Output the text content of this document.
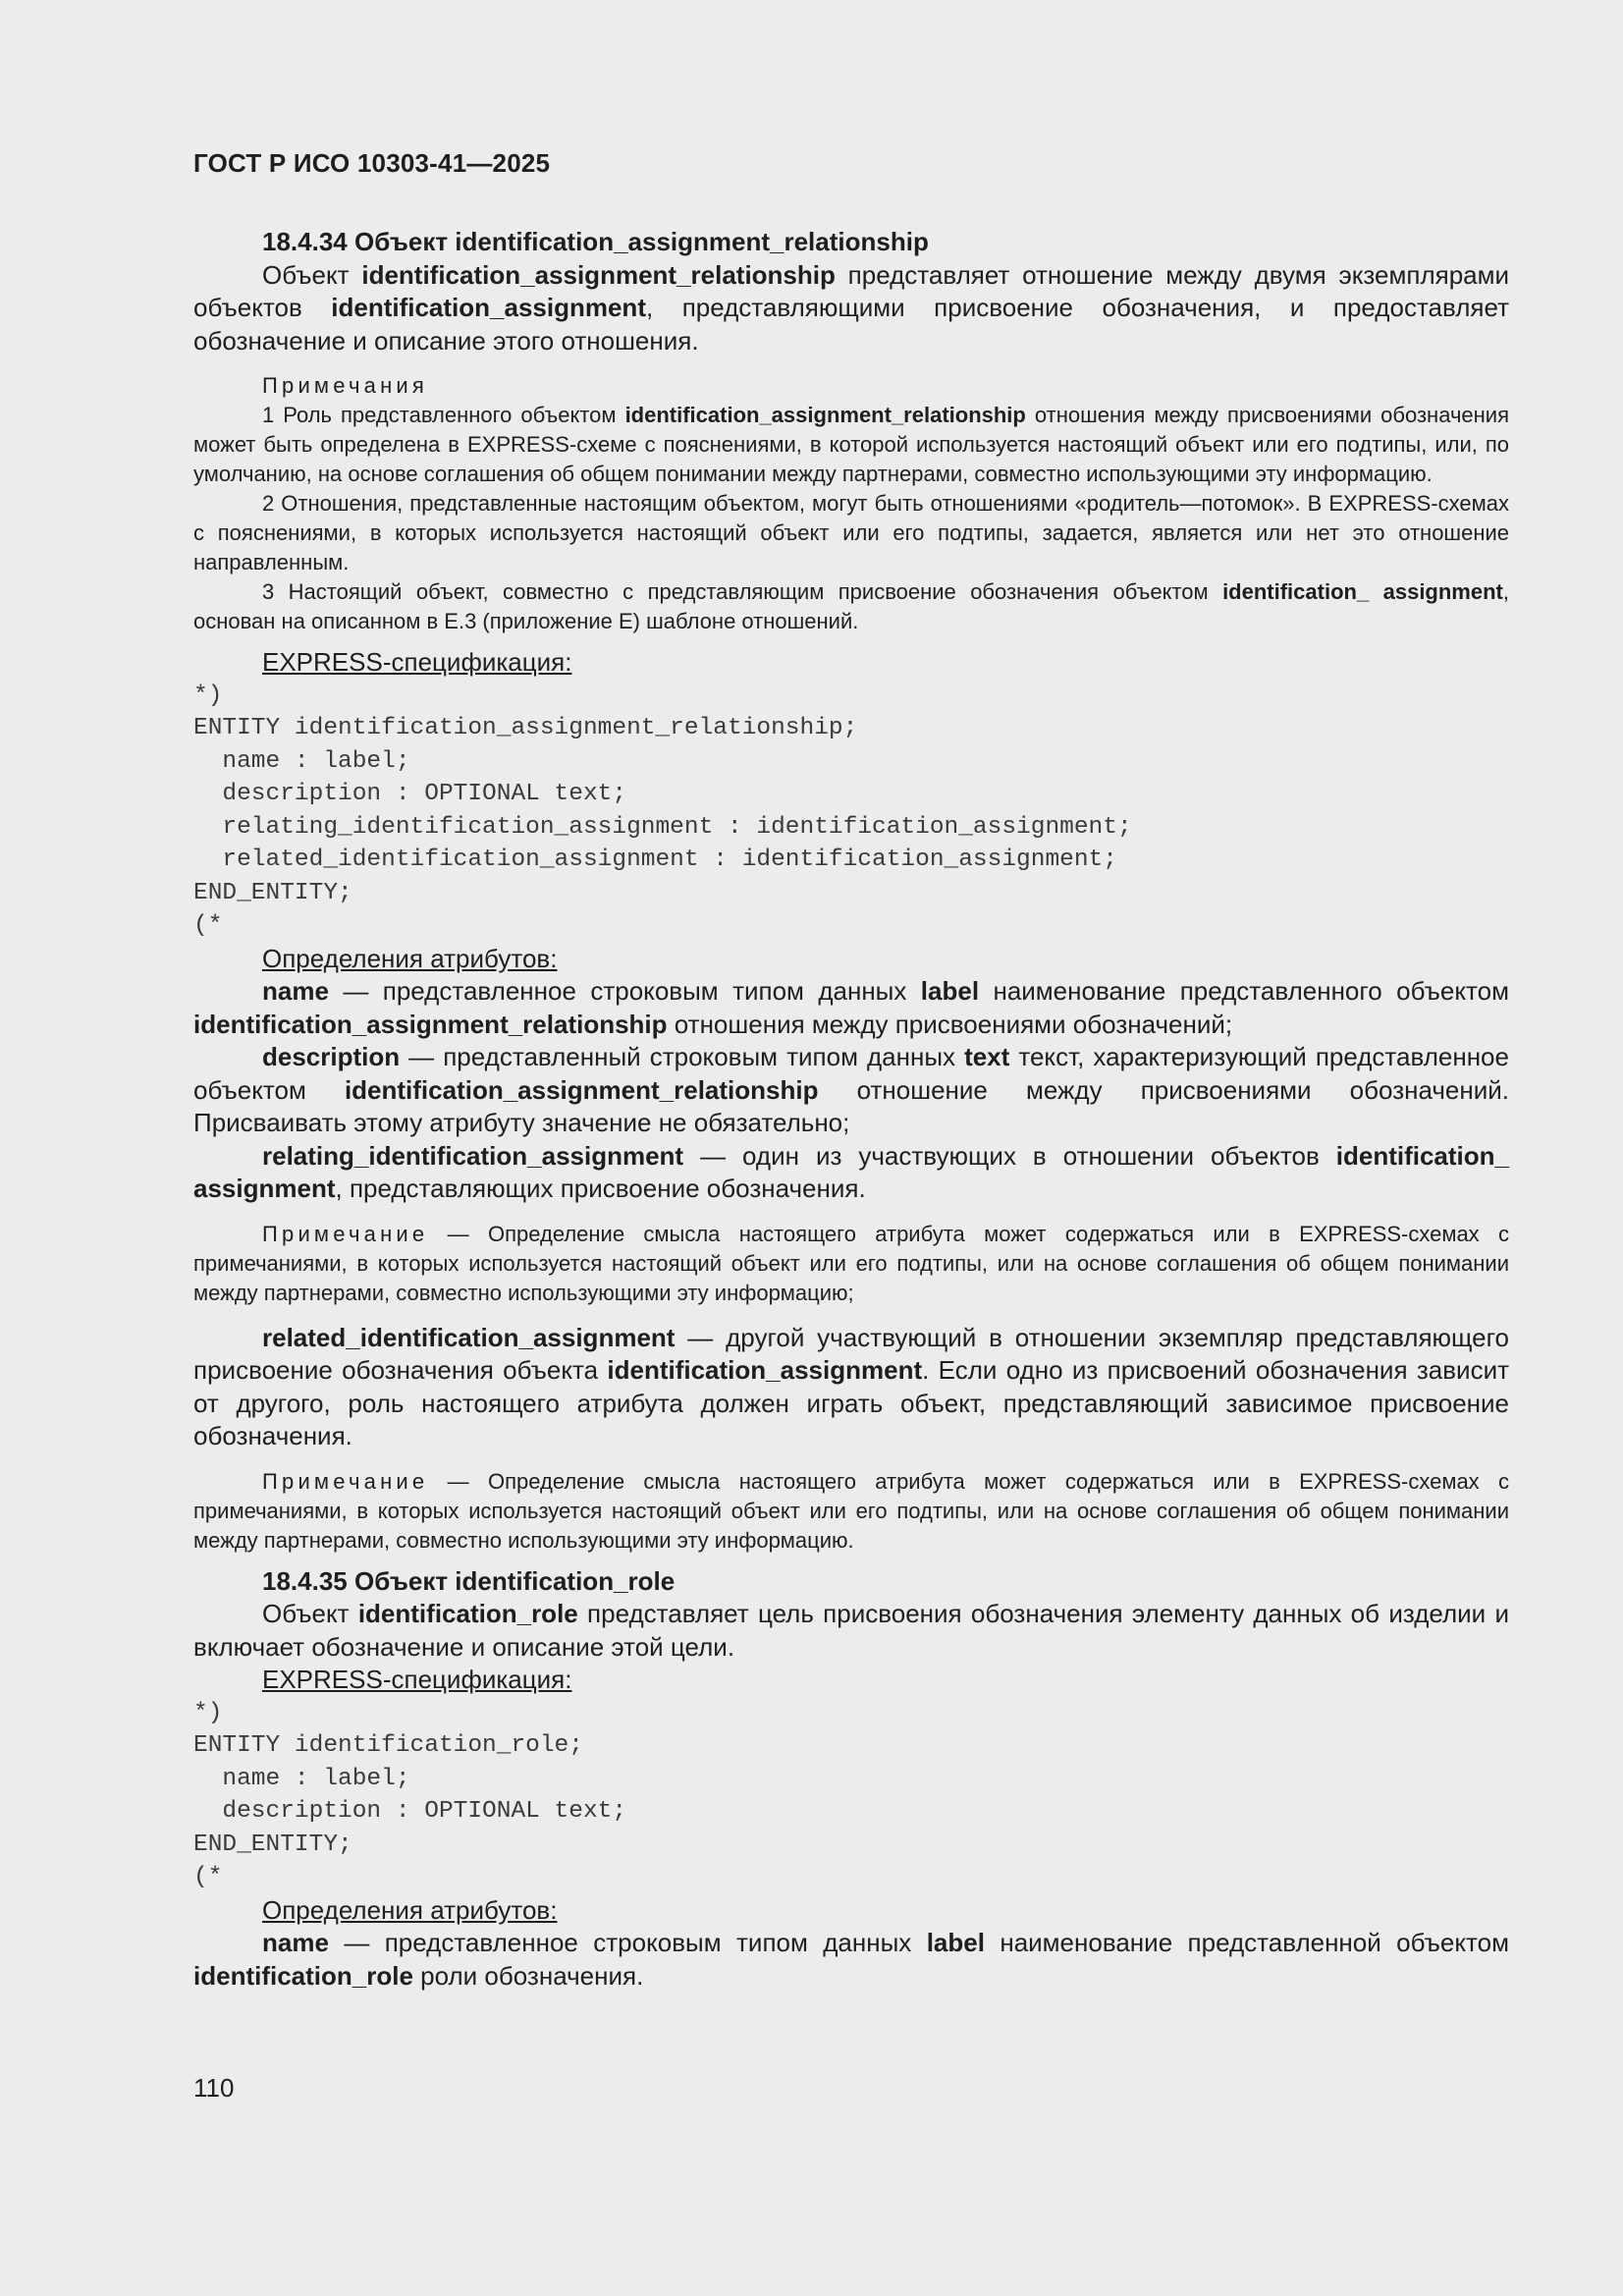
ГОСТ Р ИСО 10303-41—2025

18.4.34 Объект identification_assignment_relationship

Объект identification_assignment_relationship представляет отношение между двумя экземплярами объектов identification_assignment, представляющими присвоение обозначения, и предоставляет обозначение и описание этого отношения.

Примечания

1 Роль представленного объектом identification_assignment_relationship отношения между присвоениями обозначения может быть определена в EXPRESS-схеме с пояснениями, в которой используется настоящий объект или его подтипы, или, по умолчанию, на основе соглашения об общем понимании между партнерами, совместно использующими эту информацию.

2 Отношения, представленные настоящим объектом, могут быть отношениями «родитель—потомок». В EXPRESS-схемах с пояснениями, в которых используется настоящий объект или его подтипы, задается, является или нет это отношение направленным.

3 Настоящий объект, совместно с представляющим присвоение обозначения объектом identification_ assignment, основан на описанном в Е.3 (приложение Е) шаблоне отношений.

EXPRESS-спецификация:

*)
ENTITY identification_assignment_relationship;
name : label;
description : OPTIONAL text;
relating_identification_assignment : identification_assignment;
related_identification_assignment : identification_assignment;
END_ENTITY;
(*

Определения атрибутов:

name — представленное строковым типом данных label наименование представленного объектом identification_assignment_relationship отношения между присвоениями обозначений;

description — представленный строковым типом данных text текст, характеризующий представленное объектом identification_assignment_relationship отношение между присвоениями обозначений. Присваивать этому атрибуту значение не обязательно;

relating_identification_assignment — один из участвующих в отношении объектов identification_ assignment, представляющих присвоение обозначения.

Примечание — Определение смысла настоящего атрибута может содержаться или в EXPRESS-схемах с примечаниями, в которых используется настоящий объект или его подтипы, или на основе соглашения об общем понимании между партнерами, совместно использующими эту информацию;

related_identification_assignment — другой участвующий в отношении экземпляр представляющего присвоение обозначения объекта identification_assignment. Если одно из присвоений обозначения зависит от другого, роль настоящего атрибута должен играть объект, представляющий зависимое присвоение обозначения.

Примечание — Определение смысла настоящего атрибута может содержаться или в EXPRESS-схемах с примечаниями, в которых используется настоящий объект или его подтипы, или на основе соглашения об общем понимании между партнерами, совместно использующими эту информацию.

18.4.35 Объект identification_role

Объект identification_role представляет цель присвоения обозначения элементу данных об изделии и включает обозначение и описание этой цели.

EXPRESS-спецификация:

*)
ENTITY identification_role;
name : label;
description : OPTIONAL text;
END_ENTITY;
(*

Определения атрибутов:

name — представленное строковым типом данных label наименование представленной объектом identification_role роли обозначения.

110
